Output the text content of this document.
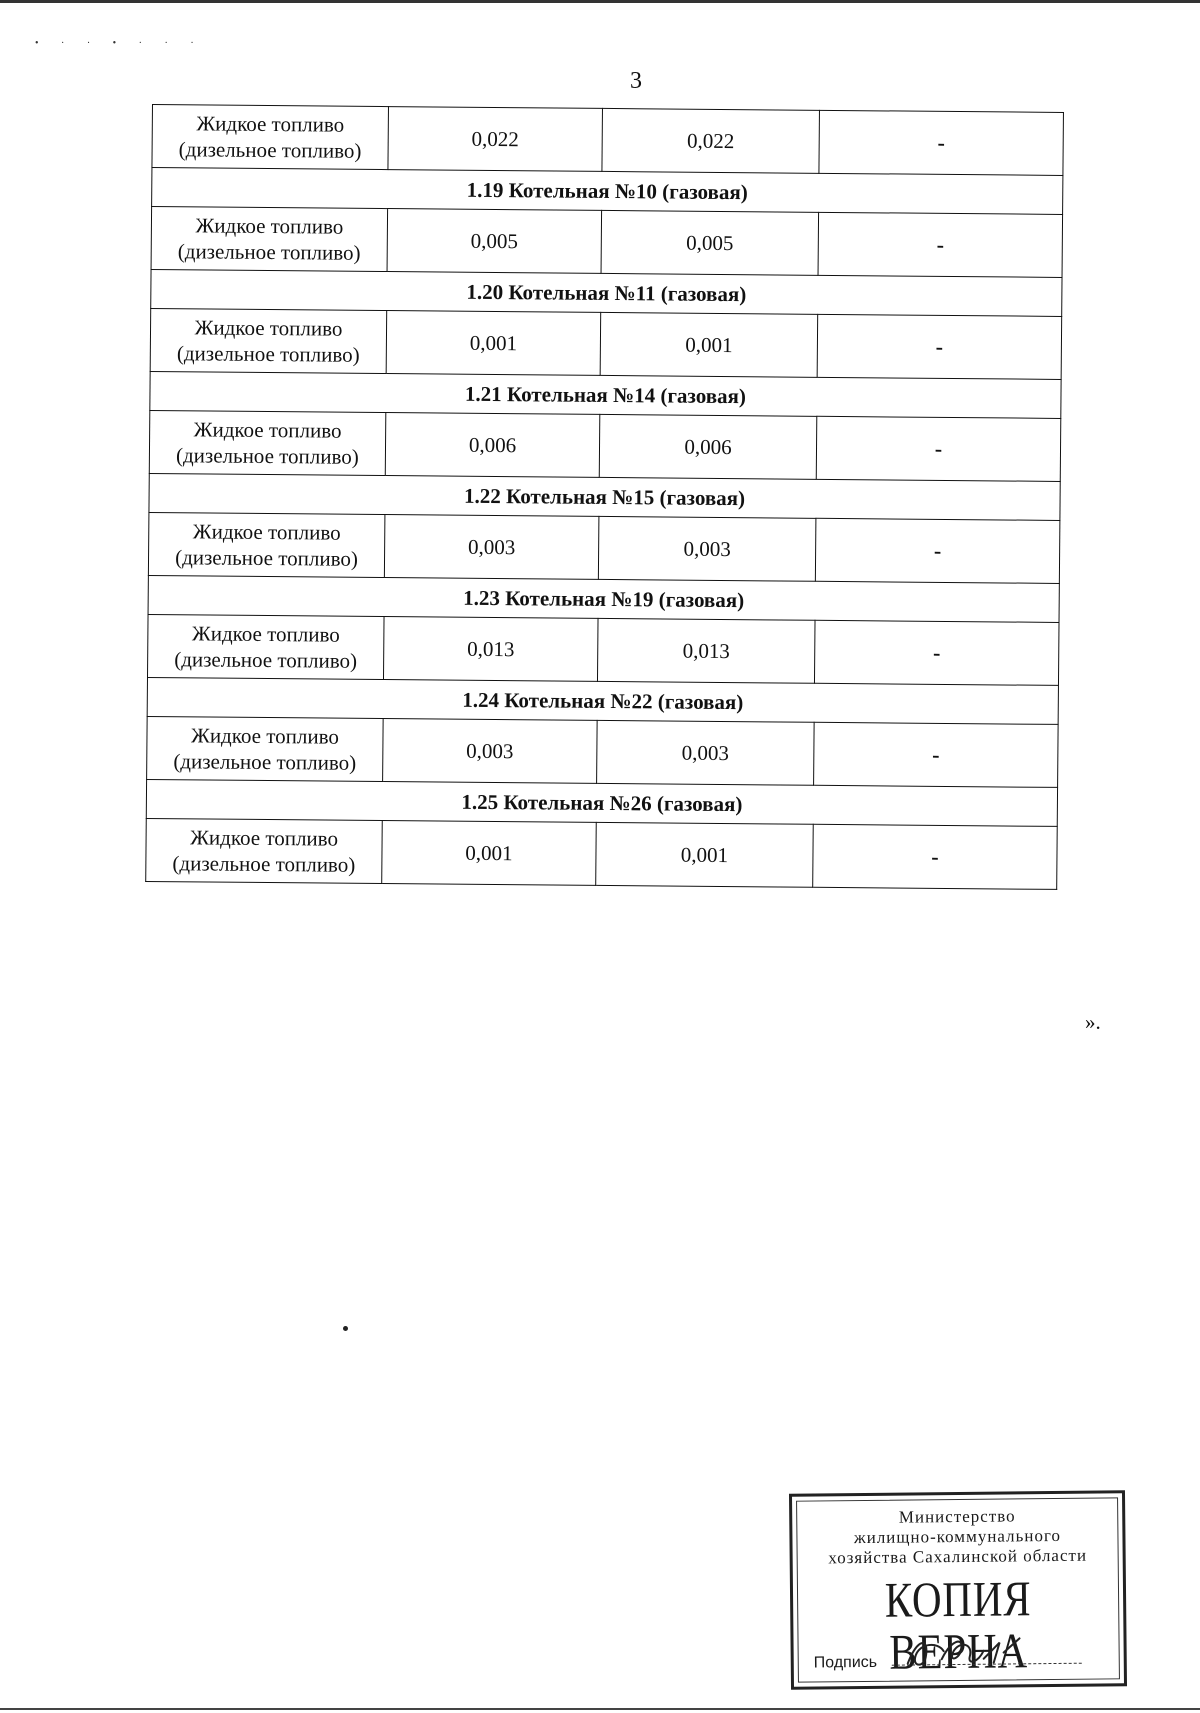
• · · • · · ·
3
Жидкое топливо
(дизельное топливо)	0,022	0,022	-
1.19 Котельная №10 (газовая)			

Жидкое топливо
(дизельное топливо)	0,005	0,005	-
1.20 Котельная №11 (газовая)			

Жидкое топливо
(дизельное топливо)	0,001	0,001	-
1.21 Котельная №14 (газовая)			

Жидкое топливо
(дизельное топливо)	0,006	0,006	-
1.22 Котельная №15 (газовая)			

Жидкое топливо
(дизельное топливо)	0,003	0,003	-
1.23 Котельная №19 (газовая)			

Жидкое топливо
(дизельное топливо)	0,013	0,013	-
1.24 Котельная №22 (газовая)			

Жидкое топливо
(дизельное топливо)	0,003	0,003	-
1.25 Котельная №26 (газовая)			

Жидкое топливо
(дизельное топливо)	0,001	0,001	-
».
Министерство
жилищно-коммунального
хозяйства Сахалинской области
КОПИЯ ВЕРНА
Подпись
